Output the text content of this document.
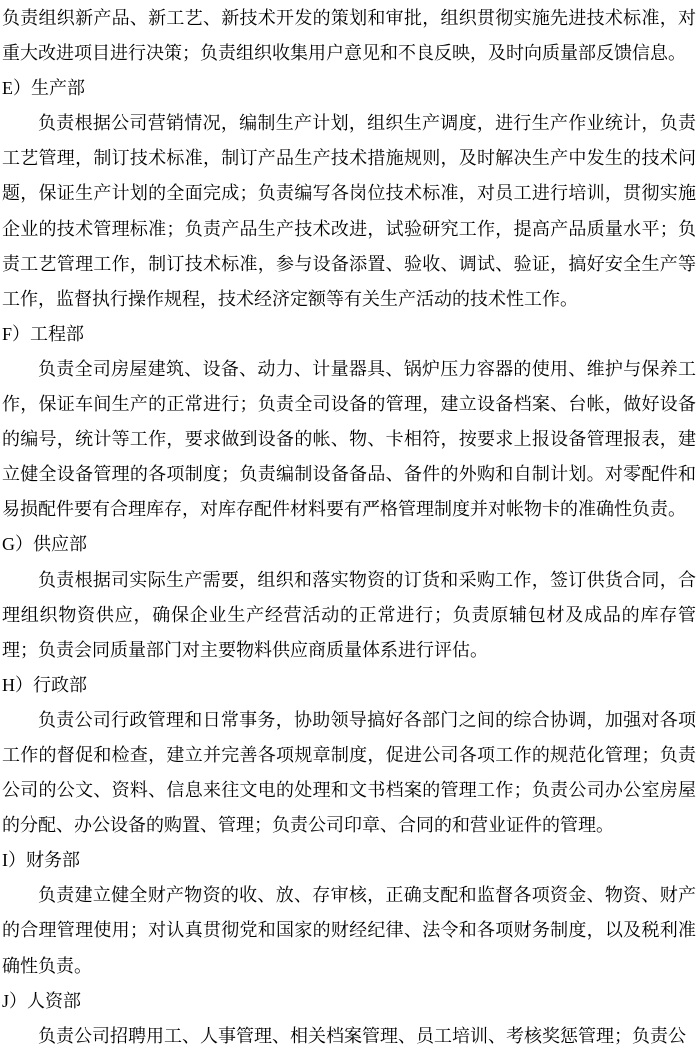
负责组织新产品、新工艺、新技术开发的策划和审批，组织贯彻实施先进技术标准，对重大改进项目进行决策；负责组织收集用户意见和不良反映，及时向质量部反馈信息。

E）生产部

负责根据公司营销情况，编制生产计划，组织生产调度，进行生产作业统计，负责工艺管理，制订技术标准，制订产品生产技术措施规则，及时解决生产中发生的技术问题，保证生产计划的全面完成；负责编写各岗位技术标准，对员工进行培训，贯彻实施企业的技术管理标准；负责产品生产技术改进，试验研究工作，提高产品质量水平；负责工艺管理工作，制订技术标准，参与设备添置、验收、调试、验证，搞好安全生产等工作，监督执行操作规程，技术经济定额等有关生产活动的技术性工作。

F）工程部

负责全司房屋建筑、设备、动力、计量器具、锅炉压力容器的使用、维护与保养工作，保证车间生产的正常进行；负责全司设备的管理，建立设备档案、台帐，做好设备的编号，统计等工作，要求做到设备的帐、物、卡相符，按要求上报设备管理报表，建立健全设备管理的各项制度；负责编制设备备品、备件的外购和自制计划。对零配件和易损配件要有合理库存，对库存配件材料要有严格管理制度并对帐物卡的准确性负责。

G）供应部

负责根据司实际生产需要，组织和落实物资的订货和采购工作，签订供货合同，合理组织物资供应，确保企业生产经营活动的正常进行；负责原辅包材及成品的库存管理；负责会同质量部门对主要物料供应商质量体系进行评估。

H）行政部

负责公司行政管理和日常事务，协助领导搞好各部门之间的综合协调，加强对各项工作的督促和检查，建立并完善各项规章制度，促进公司各项工作的规范化管理；负责公司的公文、资料、信息来往文电的处理和文书档案的管理工作；负责公司办公室房屋的分配、办公设备的购置、管理；负责公司印章、合同的和营业证件的管理。

I）财务部

负责建立健全财产物资的收、放、存审核，正确支配和监督各项资金、物资、财产的合理管理使用；对认真贯彻党和国家的财经纪律、法令和各项财务制度，以及税利准确性负责。

J）人资部

负责公司招聘用工、人事管理、相关档案管理、员工培训、考核奖惩管理；负责公
